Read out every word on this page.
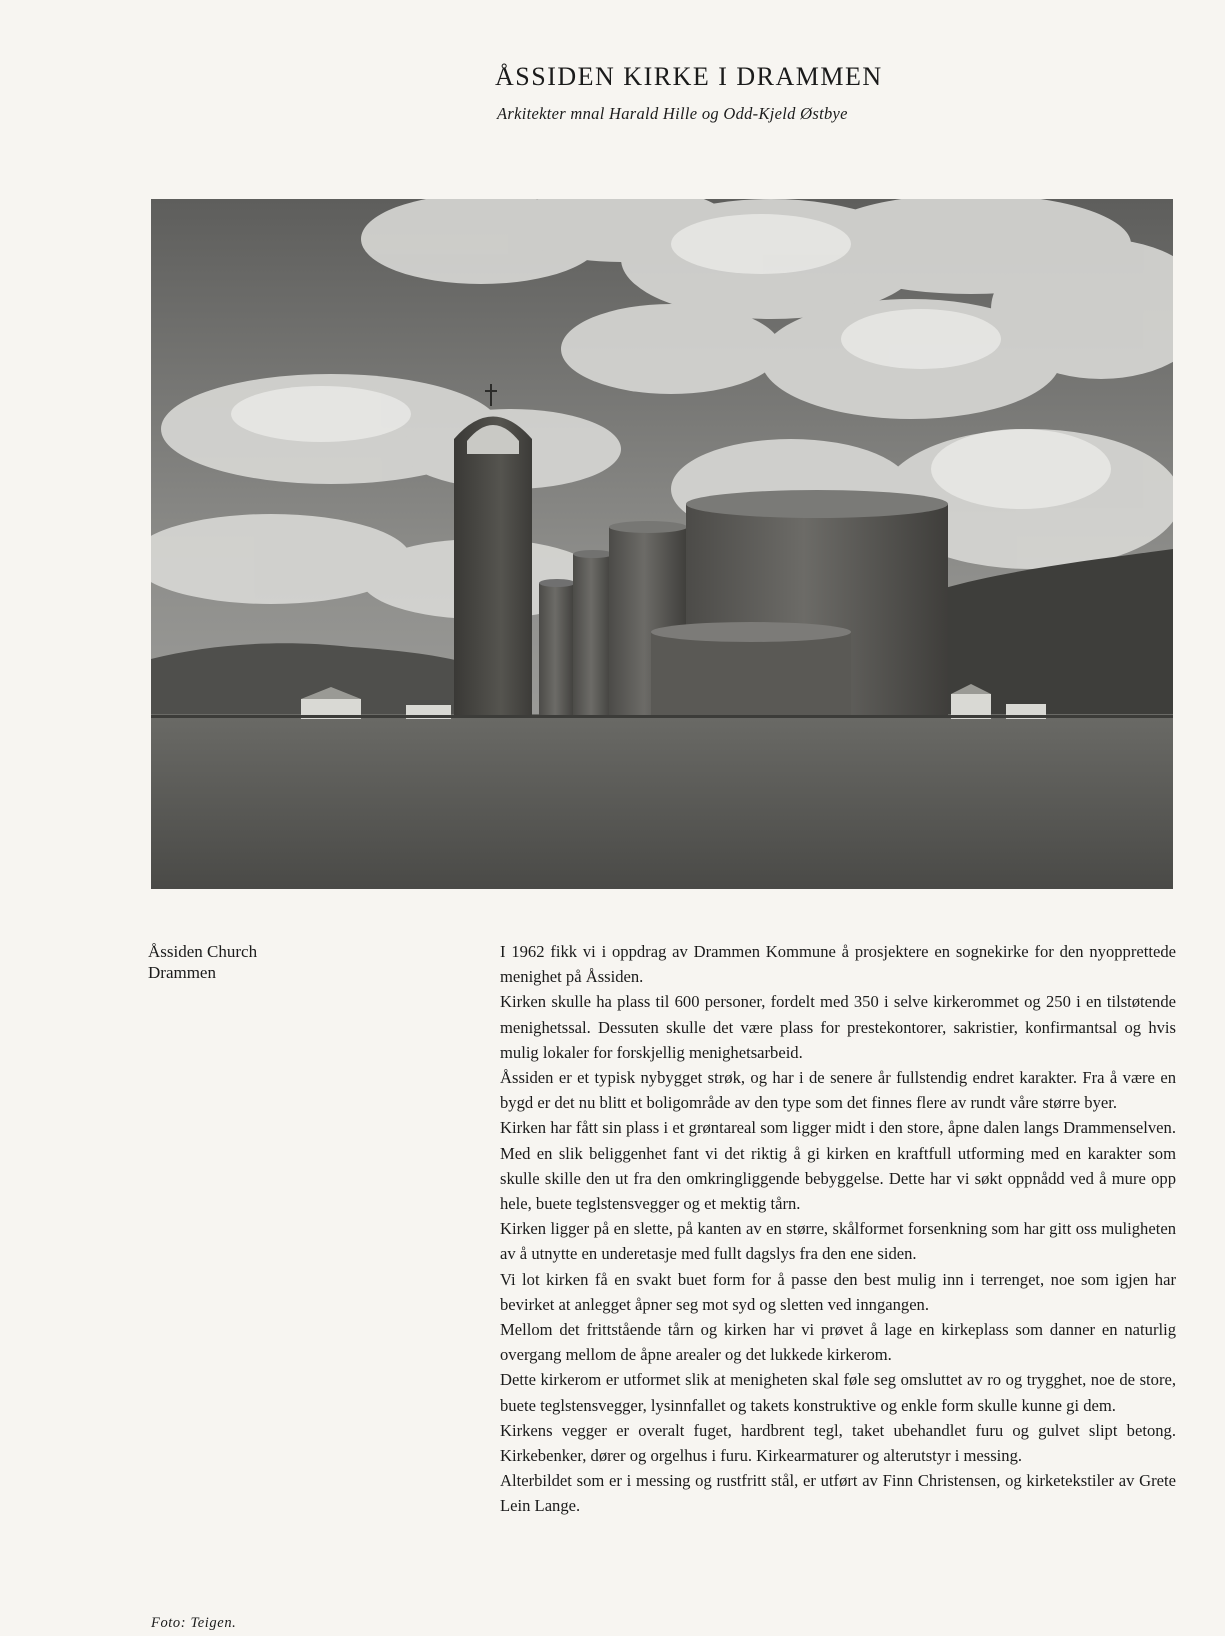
ÅSSIDEN KIRKE I DRAMMEN
Arkitekter mnal Harald Hille og Odd-Kjeld Østbye
Åssiden Church
Drammen
Foto: Teigen.

I 1962 fikk vi i oppdrag av Drammen Kommune å prosjektere en sognekirke for den nyopprettede menighet på Åssiden.

Kirken skulle ha plass til 600 personer, fordelt med 350 i selve kirkerommet og 250 i en tilstøtende menighetssal. Dessuten skulle det være plass for prestekontorer, sakristier, konfirmantsal og hvis mulig lokaler for forskjellig menighetsarbeid.

Åssiden er et typisk nybygget strøk, og har i de senere år fullstendig endret karakter. Fra å være en bygd er det nu blitt et boligområde av den type som det finnes flere av rundt våre større byer.

Kirken har fått sin plass i et grøntareal som ligger midt i den store, åpne dalen langs Drammenselven. Med en slik beliggenhet fant vi det riktig å gi kirken en kraftfull utforming med en karakter som skulle skille den ut fra den omkringliggende bebyggelse. Dette har vi søkt oppnådd ved å mure opp hele, buete teglstensvegger og et mektig tårn.

Kirken ligger på en slette, på kanten av en større, skålformet forsenkning som har gitt oss muligheten av å utnytte en underetasje med fullt dagslys fra den ene siden.

Vi lot kirken få en svakt buet form for å passe den best mulig inn i terrenget, noe som igjen har bevirket at anlegget åpner seg mot syd og sletten ved inngangen.

Mellom det frittstående tårn og kirken har vi prøvet å lage en kirkeplass som danner en naturlig overgang mellom de åpne arealer og det lukkede kirkerom.

Dette kirkerom er utformet slik at menigheten skal føle seg omsluttet av ro og trygghet, noe de store, buete teglstensvegger, lysinnfallet og takets konstruktive og enkle form skulle kunne gi dem.

Kirkens vegger er overalt fuget, hardbrent tegl, taket ubehandlet furu og gulvet slipt betong. Kirkebenker, dører og orgelhus i furu. Kirkearmaturer og alterutstyr i messing.

Alterbildet som er i messing og rustfritt stål, er utført av Finn Christensen, og kirketekstiler av Grete Lein Lange.
